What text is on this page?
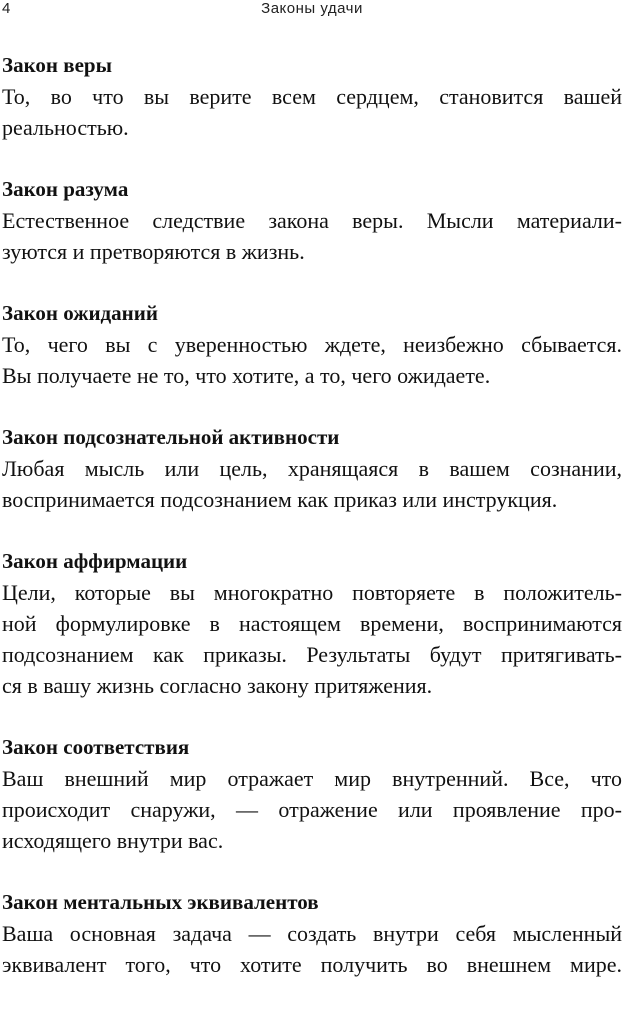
4	Законы удачи
Закон веры
То, во что вы верите всем сердцем, становится вашей
реальностью.
Закон разума
Естественное следствие закона веры. Мысли материали-
зуются и претворяются в жизнь.
Закон ожиданий
То, чего вы с уверенностью ждете, неизбежно сбывается.
Вы получаете не то, что хотите, а то, чего ожидаете.
Закон подсознательной активности
Любая мысль или цель, хранящаяся в вашем сознании,
воспринимается подсознанием как приказ или инструкция.
Закон аффирмации
Цели, которые вы многократно повторяете в положитель-
ной формулировке в настоящем времени, воспринимаются
подсознанием как приказы. Результаты будут притягивать-
ся в вашу жизнь согласно закону притяжения.
Закон соответствия
Ваш внешний мир отражает мир внутренний. Все, что
происходит снаружи, — отражение или проявление про-
исходящего внутри вас.
Закон ментальных эквивалентов
Ваша основная задача — создать внутри себя мысленный
эквивалент того, что хотите получить во внешнем мире.
